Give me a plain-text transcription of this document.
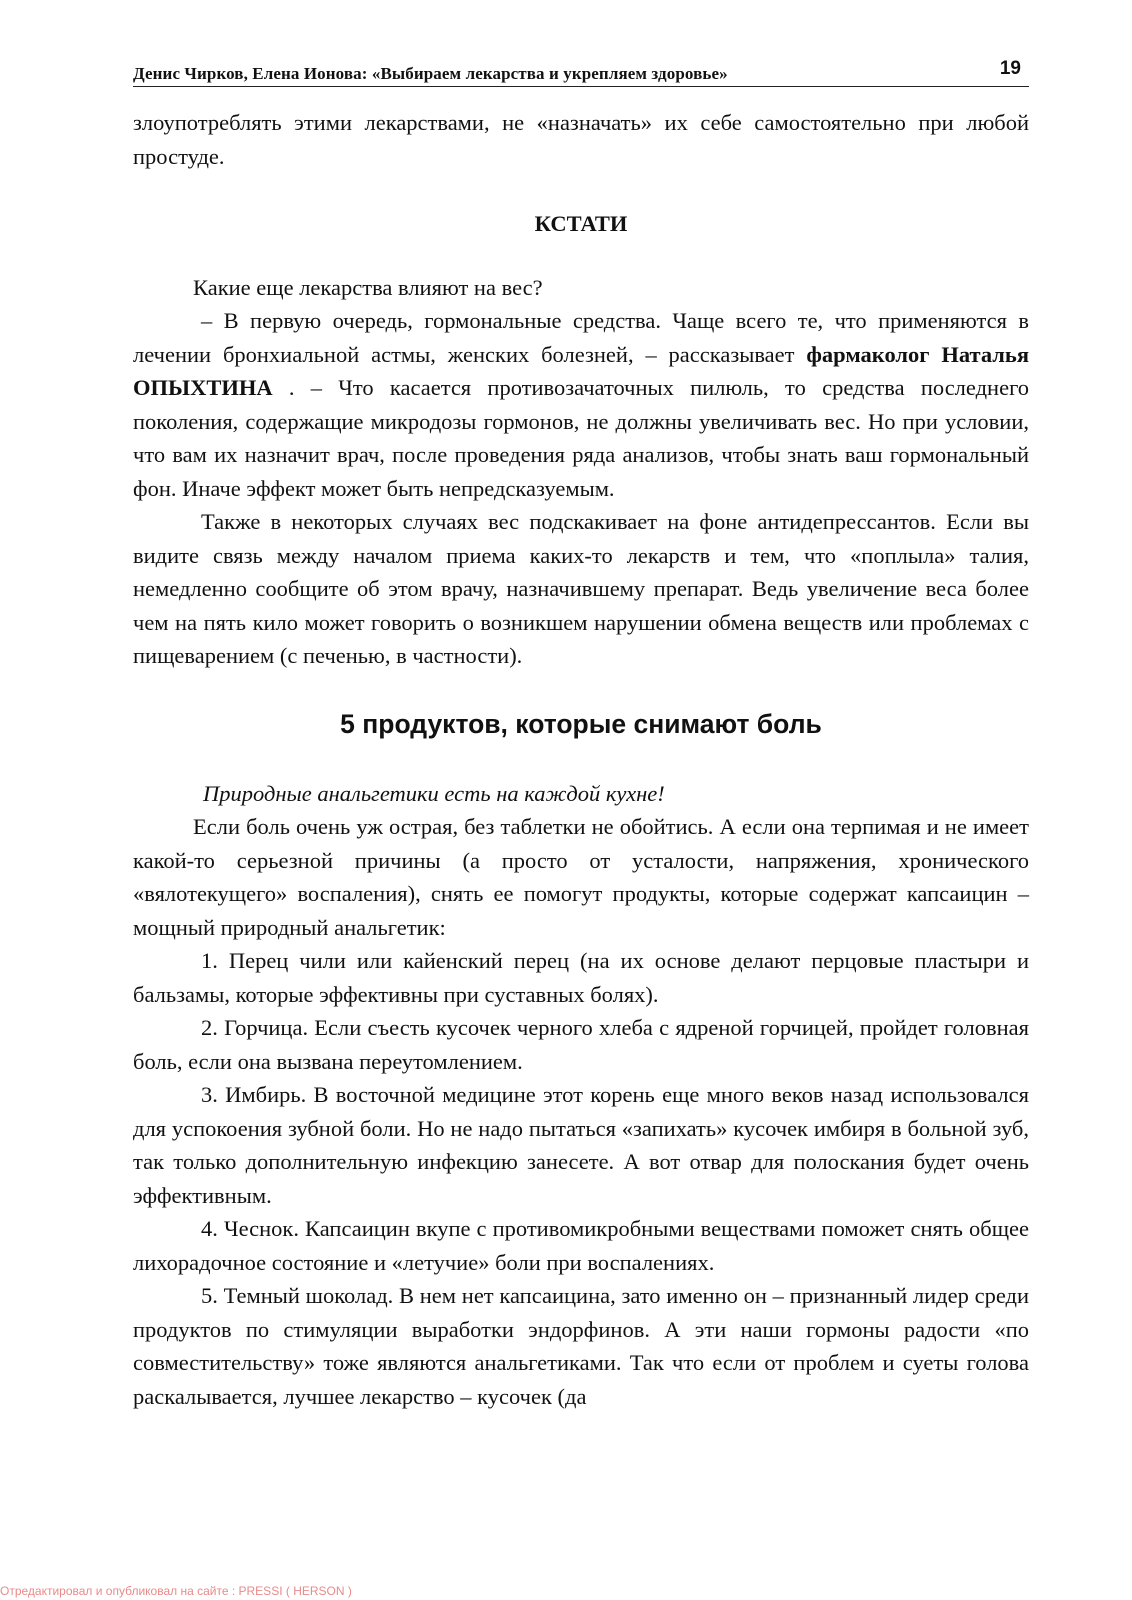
Денис Чирков, Елена Ионова: «Выбираем лекарства и укрепляем здоровье»	19

злоупотреблять этими лекарствами, не «назначать» их себе самостоятельно при любой простуде.

КСТАТИ

Какие еще лекарства влияют на вес?

– В первую очередь, гормональные средства. Чаще всего те, что применяются в лечении бронхиальной астмы, женских болезней, – рассказывает фармаколог Наталья ОПЫХТИНА . – Что касается противозачаточных пилюль, то средства последнего поколения, содержащие микродозы гормонов, не должны увеличивать вес. Но при условии, что вам их назначит врач, после проведения ряда анализов, чтобы знать ваш гормональный фон. Иначе эффект может быть непредсказуемым.

Также в некоторых случаях вес подскакивает на фоне антидепрессантов. Если вы видите связь между началом приема каких-то лекарств и тем, что «поплыла» талия, немедленно сообщите об этом врачу, назначившему препарат. Ведь увеличение веса более чем на пять кило может говорить о возникшем нарушении обмена веществ или проблемах с пищеварением (с печенью, в частности).

5 продуктов, которые снимают боль

Природные анальгетики есть на каждой кухне!

Если боль очень уж острая, без таблетки не обойтись. А если она терпимая и не имеет какой-то серьезной причины (а просто от усталости, напряжения, хронического «вялотекущего» воспаления), снять ее помогут продукты, которые содержат капсаицин – мощный природный анальгетик:

1. Перец чили или кайенский перец (на их основе делают перцовые пластыри и бальзамы, которые эффективны при суставных болях).

2. Горчица. Если съесть кусочек черного хлеба с ядреной горчицей, пройдет головная боль, если она вызвана переутомлением.

3. Имбирь. В восточной медицине этот корень еще много веков назад использовался для успокоения зубной боли. Но не надо пытаться «запихать» кусочек имбиря в больной зуб, так только дополнительную инфекцию занесете. А вот отвар для полоскания будет очень эффективным.

4. Чеснок. Капсаицин вкупе с противомикробными веществами поможет снять общее лихорадочное состояние и «летучие» боли при воспалениях.

5. Темный шоколад. В нем нет капсаицина, зато именно он – признанный лидер среди продуктов по стимуляции выработки эндорфинов. А эти наши гормоны радости «по совместительству» тоже являются анальгетиками. Так что если от проблем и суеты голова раскалывается, лучшее лекарство – кусочек (да

Отредактировал и опубликовал на сайте : PRESSI ( HERSON )
